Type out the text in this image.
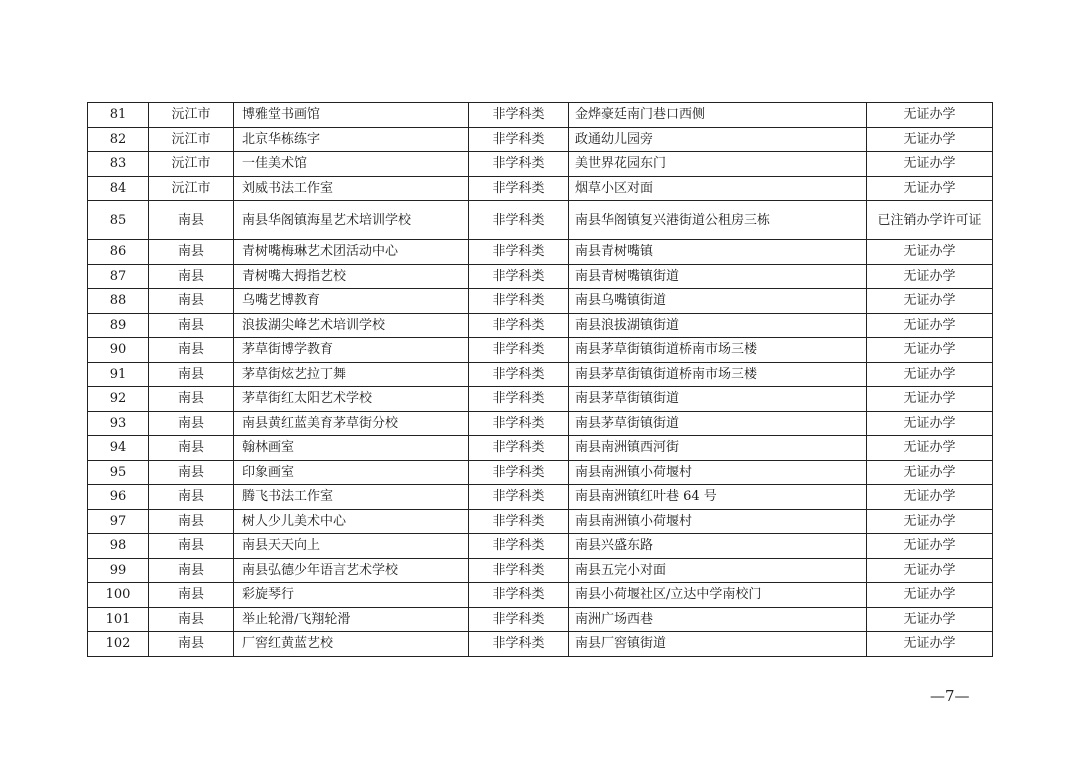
81	沅江市	博雅堂书画馆	非学科类	金烨豪廷南门巷口西侧	无证办学
82	沅江市	北京华栋练字	非学科类	政通幼儿园旁	无证办学
83	沅江市	一佳美术馆	非学科类	美世界花园东门	无证办学
84	沅江市	刘威书法工作室	非学科类	烟草小区对面	无证办学
85	南县	南县华阁镇海星艺术培训学校	非学科类	南县华阁镇复兴港街道公租房三栋	已注销办学许可证
86	南县	青树嘴梅琳艺术团活动中心	非学科类	南县青树嘴镇	无证办学
87	南县	青树嘴大拇指艺校	非学科类	南县青树嘴镇街道	无证办学
88	南县	乌嘴艺博教育	非学科类	南县乌嘴镇街道	无证办学
89	南县	浪拔湖尖峰艺术培训学校	非学科类	南县浪拔湖镇街道	无证办学
90	南县	茅草街博学教育	非学科类	南县茅草街镇街道桥南市场三楼	无证办学
91	南县	茅草街炫艺拉丁舞	非学科类	南县茅草街镇街道桥南市场三楼	无证办学
92	南县	茅草街红太阳艺术学校	非学科类	南县茅草街镇街道	无证办学
93	南县	南县黄红蓝美育茅草街分校	非学科类	南县茅草街镇街道	无证办学
94	南县	翰林画室	非学科类	南县南洲镇西河街	无证办学
95	南县	印象画室	非学科类	南县南洲镇小荷堰村	无证办学
96	南县	腾飞书法工作室	非学科类	南县南洲镇红叶巷 64 号	无证办学
97	南县	树人少儿美术中心	非学科类	南县南洲镇小荷堰村	无证办学
98	南县	南县天天向上	非学科类	南县兴盛东路	无证办学
99	南县	南县弘德少年语言艺术学校	非学科类	南县五完小对面	无证办学
100	南县	彩旋琴行	非学科类	南县小荷堰社区/立达中学南校门	无证办学
101	南县	举止轮滑/飞翔轮滑	非学科类	南洲广场西巷	无证办学
102	南县	厂窖红黄蓝艺校	非学科类	南县厂窖镇街道	无证办学
—7—
